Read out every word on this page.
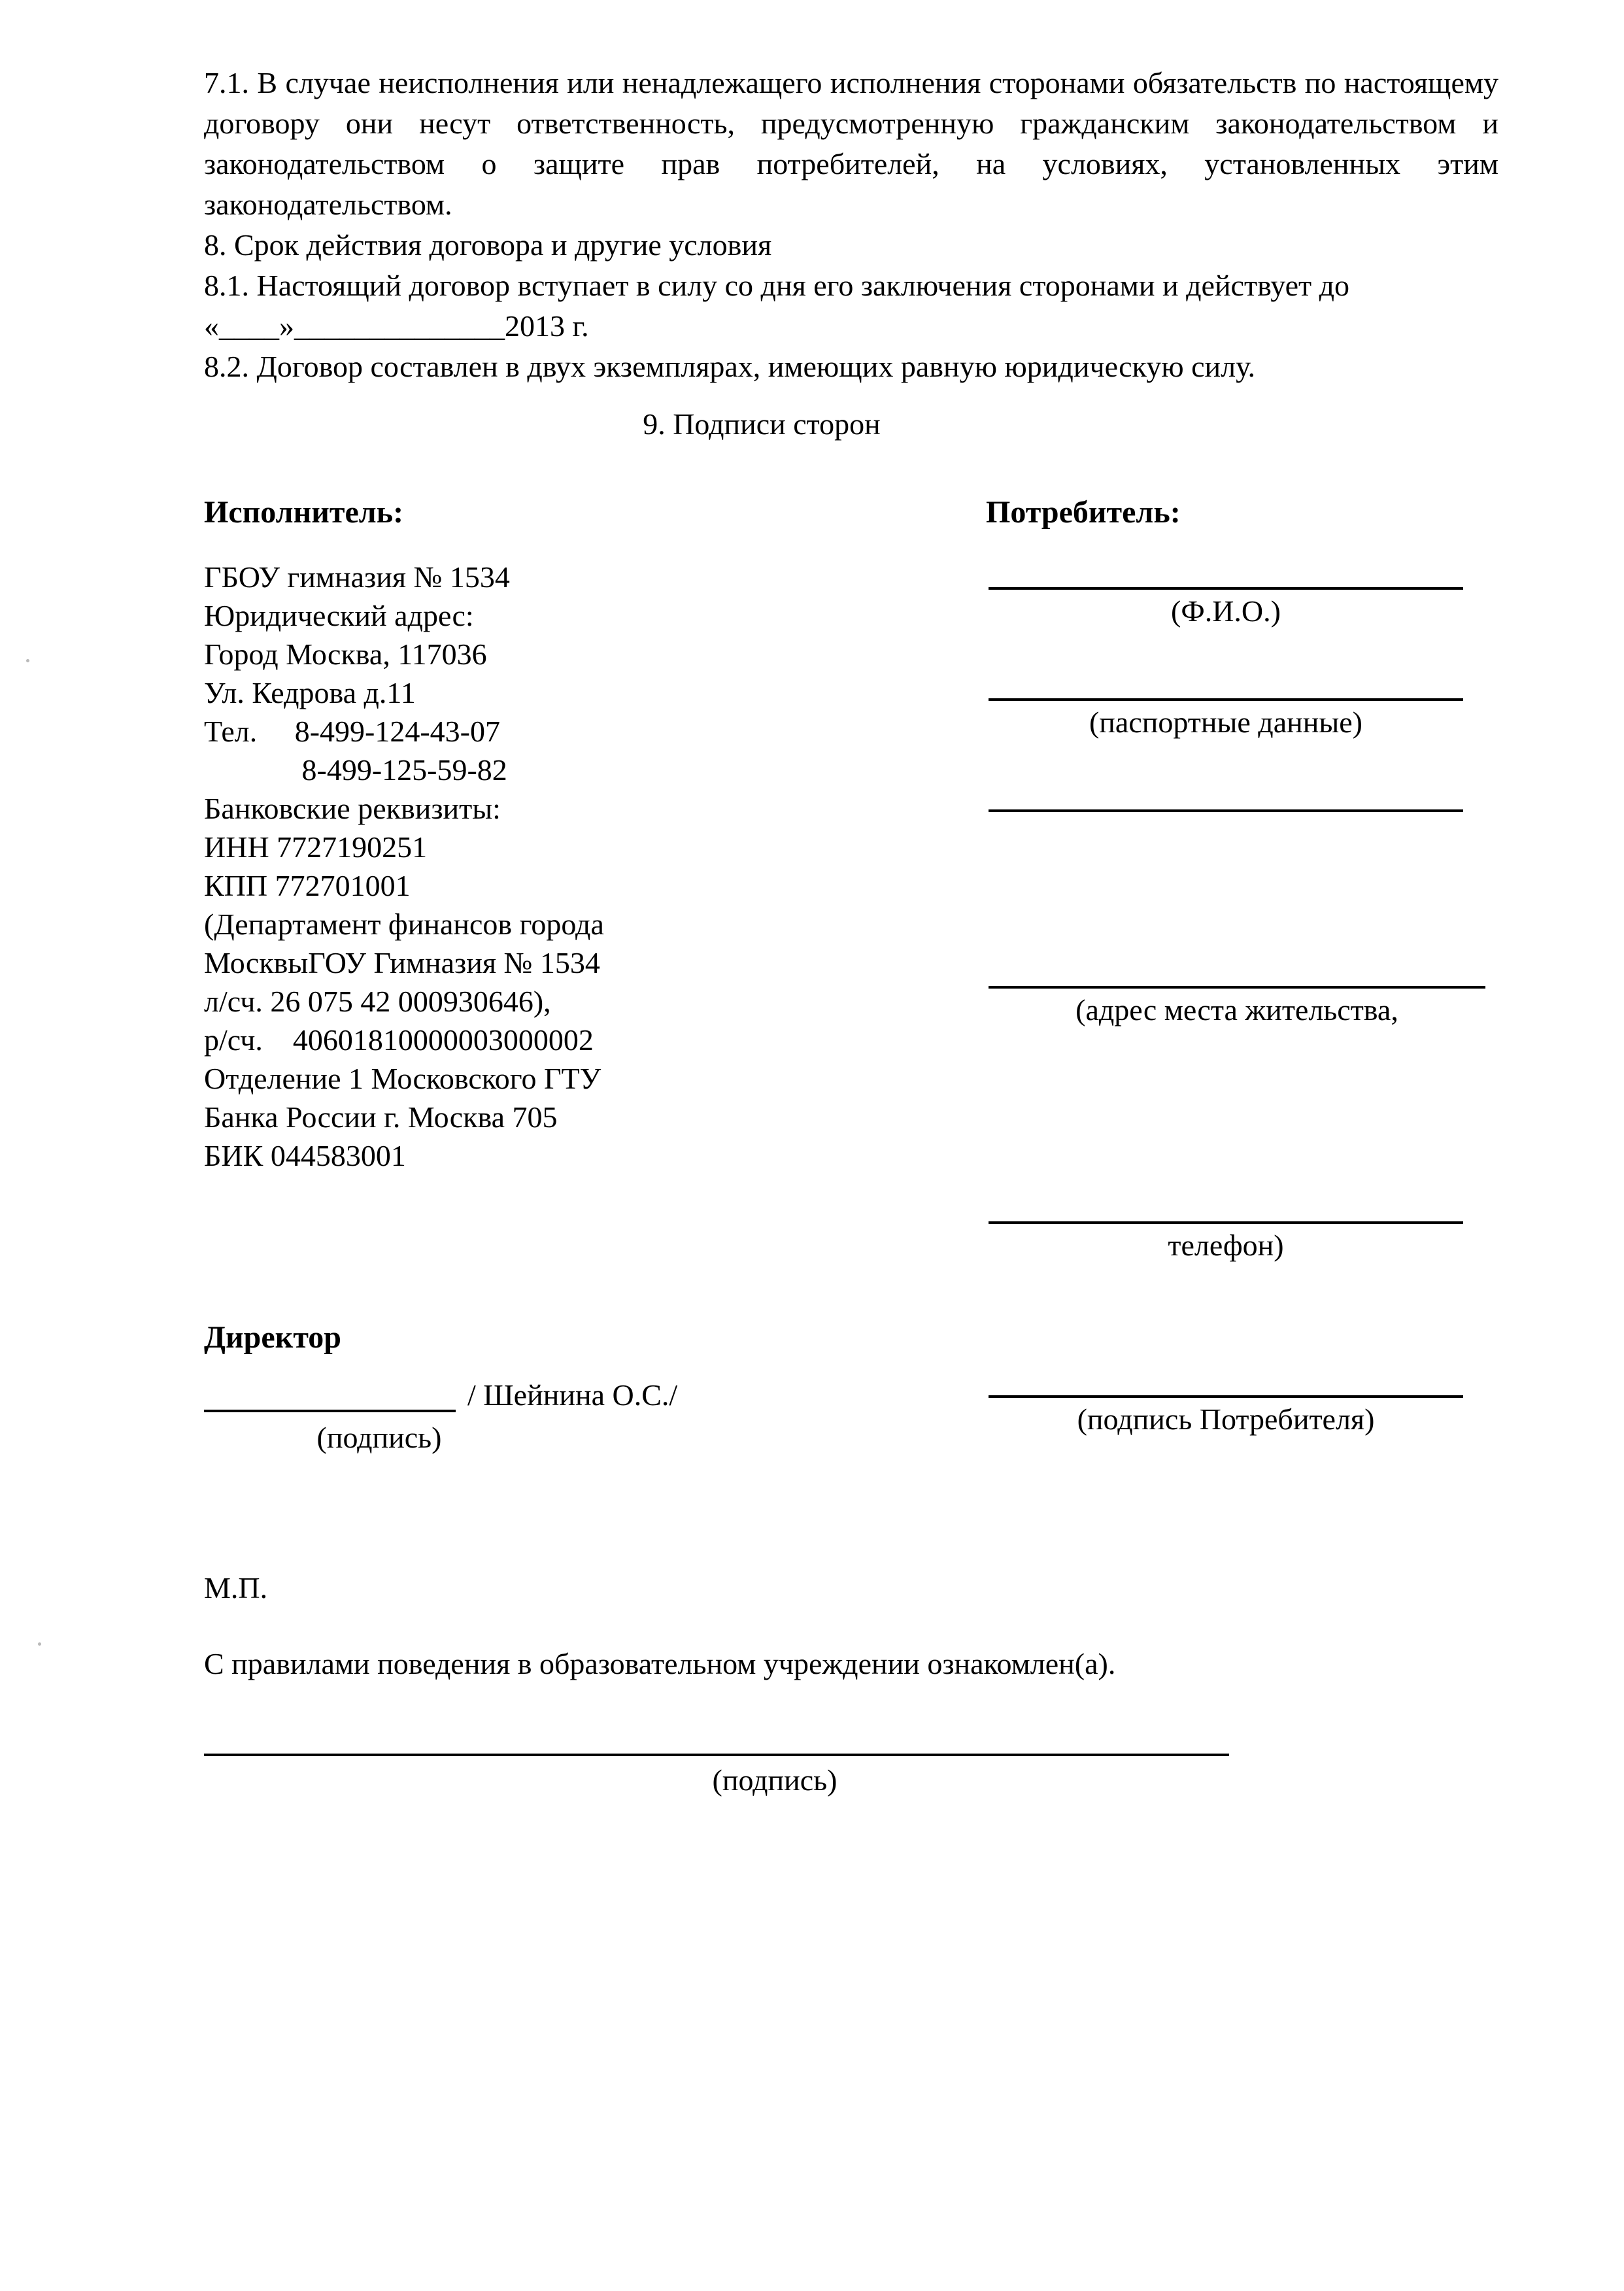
7.1. В случае неисполнения или ненадлежащего исполнения сторонами обязательств по настоящему договору они несут ответственность, предусмотренную гражданским законодательством и законодательством о защите прав потребителей, на условиях, установленных этим законодательством.

8. Срок действия договора и другие условия

8.1. Настоящий договор вступает в силу со дня его заключения сторонами и действует до

«____»______________2013 г.

8.2. Договор составлен в двух экземплярах, имеющих равную юридическую силу.

9. Подписи сторон
Исполнитель:
ГБОУ гимназия № 1534
Юридический адрес:
Город Москва, 117036
Ул. Кедрова д.11
Тел.     8-499-124-43-07
8-499-125-59-82
Банковские реквизиты:
ИНН 7727190251
КПП 772701001
(Департамент финансов города
МосквыГОУ Гимназия № 1534
л/сч. 26 075 42 000930646),
р/сч.    40601810000003000002
Отделение 1 Московского ГТУ
Банка России г. Москва 705
БИК 044583001
Потребитель:
(Ф.И.О.)
(паспортные данные)
(адрес места жительства,
телефон)
(подпись Потребителя)
Директор
/ Шейнина О.С./
(подпись)
М.П.
С правилами поведения в образовательном учреждении ознакомлен(а).
(подпись)
